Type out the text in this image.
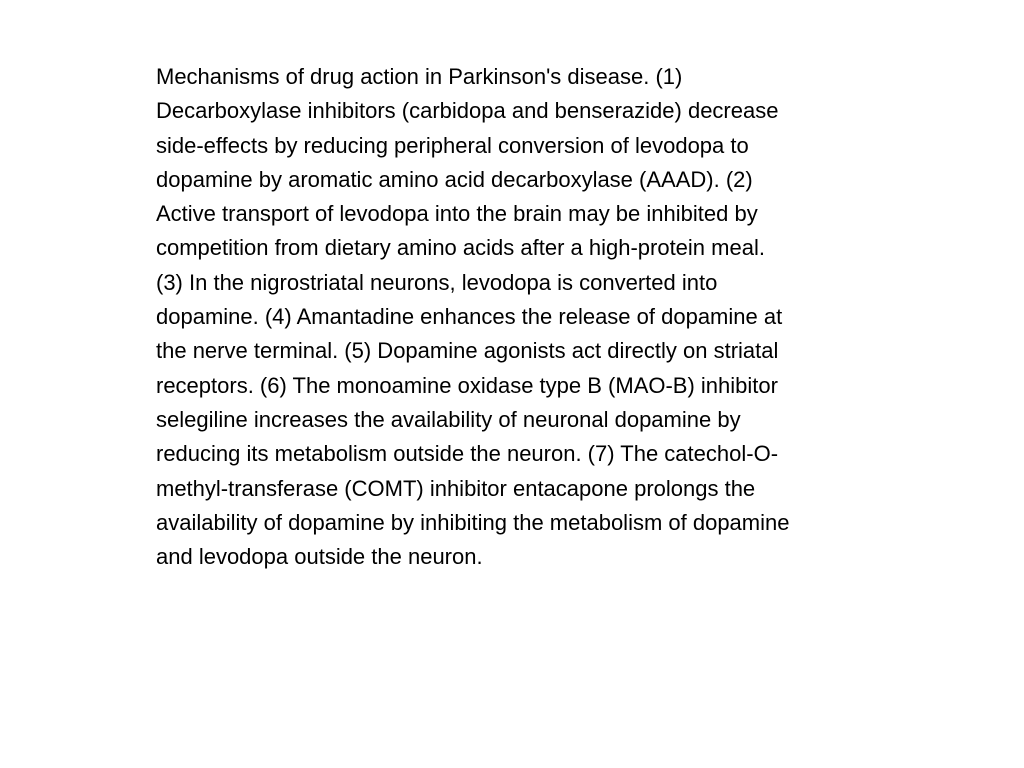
Mechanisms of drug action in Parkinson's disease. (1)
Decarboxylase inhibitors (carbidopa and benserazide) decrease
side-effects by reducing peripheral conversion of levodopa to
dopamine by aromatic amino acid decarboxylase (AAAD). (2)
Active transport of levodopa into the brain may be inhibited by
competition from dietary amino acids after a high-protein meal.
(3) In the nigrostriatal neurons, levodopa is converted into
dopamine. (4) Amantadine enhances the release of dopamine at
the nerve terminal. (5) Dopamine agonists act directly on striatal
receptors. (6) The monoamine oxidase type B (MAO-B) inhibitor
selegiline increases the availability of neuronal dopamine by
reducing its metabolism outside the neuron. (7) The catechol-O-
methyl-transferase (COMT) inhibitor entacapone prolongs the
availability of dopamine by inhibiting the metabolism of dopamine
and levodopa outside the neuron.
